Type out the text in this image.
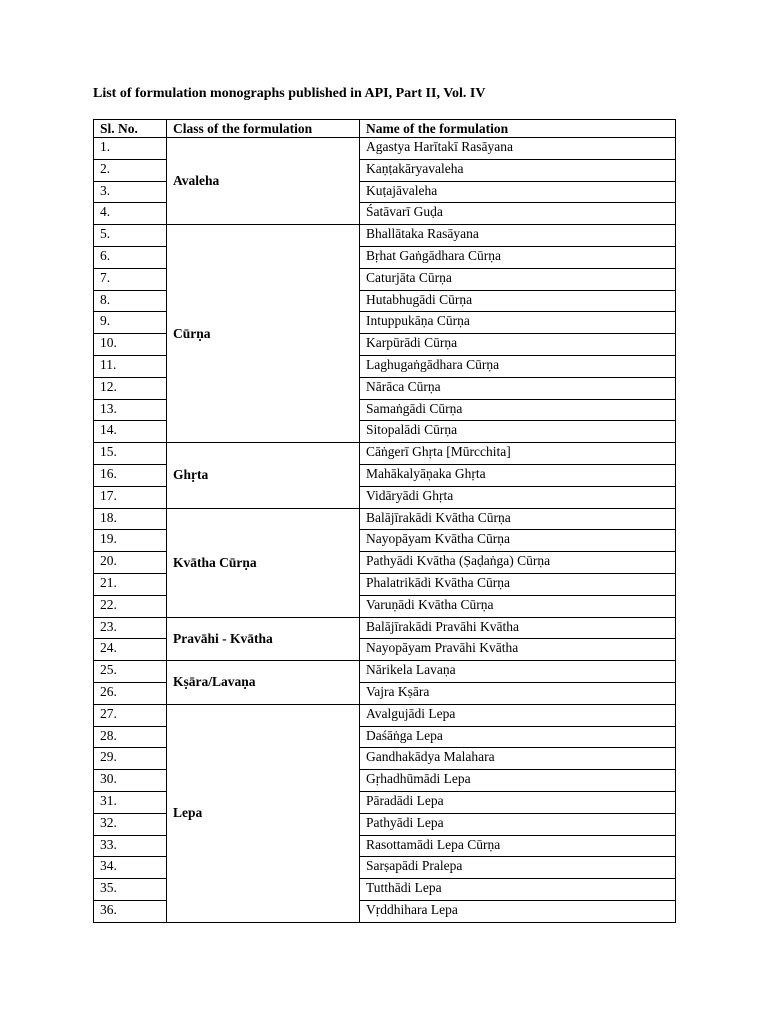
List of formulation monographs published in API, Part II, Vol. IV
Sl. No.	Class of the formulation	Name of the formulation
1.	Avaleha	Agastya Harītakī Rasāyana
2.		Kaṇṭakāryavaleha
3.		Kuṭajāvaleha
4.		Śatāvarī Guḍa
5.	Cūrṇa	Bhallātaka Rasāyana
6.		Bṛhat Gaṅgādhara Cūrṇa
7.		Caturjāta Cūrṇa
8.		Hutabhugādi Cūrṇa
9.		Intuppukāṇa Cūrṇa
10.		Karpūrādi Cūrṇa
11.		Laghugaṅgādhara Cūrṇa
12.		Nārāca Cūrṇa
13.		Samaṅgādi Cūrṇa
14.		Sitopalādi Cūrṇa
15.	Ghṛta	Cāṅgerī Ghṛta [Mūrcchita]
16.		Mahākalyāṇaka Ghṛta
17.		Vidāryādi Ghṛta
18.	Kvātha Cūrṇa	Balājīrakādi Kvātha Cūrṇa
19.		Nayopāyam Kvātha Cūrṇa
20.		Pathyādi Kvātha (Ṣaḍaṅga) Cūrṇa
21.		Phalatrikādi Kvātha Cūrṇa
22.		Varuṇādi Kvātha Cūrṇa
23.	Pravāhi - Kvātha	Balājīrakādi Pravāhi Kvātha
24.		Nayopāyam Pravāhi Kvātha
25.	Kṣāra/Lavaṇa	Nārikela Lavaṇa
26.		Vajra Kṣāra
27.	Lepa	Avalgujādi Lepa
28.		Daśāṅga Lepa
29.		Gandhakādya Malahara
30.		Gṛhadhūmādi Lepa
31.		Pāradādi Lepa
32.		Pathyādi Lepa
33.		Rasottamādi Lepa Cūrṇa
34.		Sarṣapādi Pralepa
35.		Tutthādi Lepa
36.		Vṛddhihara Lepa
